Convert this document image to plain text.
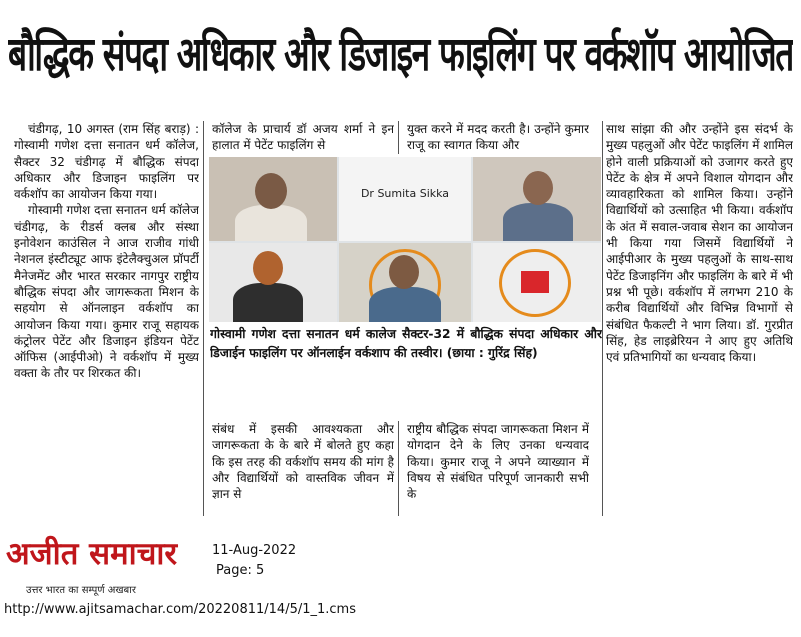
बौद्धिक संपदा अधिकार और डिजाइन फाइलिंग पर वर्कशॉप आयोजित

चंडीगढ़, 10 अगस्त (राम सिंह बराड़) : गोस्वामी गणेश दत्ता सनातन धर्म कॉलेज, सैक्टर 32 चंडीगढ़ में बौद्धिक संपदा अधिकार और डिजाइन फाइलिंग पर वर्कशॉप का आयोजन किया गया।

गोस्वामी गणेश दत्ता सनातन धर्म कॉलेज चंडीगढ़, के रीडर्स क्लब और संस्था इनोवेशन काउंसिल ने आज राजीव गांधी नेशनल इंस्टीट्यूट आफ इंटेलैक्चुअल प्रॉपर्टी मैनेजमेंट और भारत सरकार नागपुर राष्ट्रीय बौद्धिक संपदा और जागरूकता मिशन के सहयोग से ऑनलाइन वर्कशॉप का आयोजन किया गया। कुमार राजू सहायक कंट्रोलर पेटेंट और डिजाइन इंडियन पेटेंट ऑफिस (आईपीओ) ने वर्कशॉप में मुख्य वक्ता के तौर पर शिरकत की।

कॉलेज के प्राचार्य डॉ अजय शर्मा ने इन हालात में पेटेंट फाइलिंग से

युक्त करने में मदद करती है। उन्होंने कुमार राजू का स्वागत किया और

Dr Sumita Sikka
गोस्वामी गणेश दत्ता सनातन धर्म कालेज सैक्टर-32 में बौद्धिक संपदा अधिकार और डिजाईन फाइलिंग पर ऑनलाईन वर्कशाप की तस्वीर। (छाया : गुरिंद्र सिंह)

संबंध में इसकी आवश्यकता और जागरूकता के के बारे में बोलते हुए कहा कि इस तरह की वर्कशॉप समय की मांग है और विद्यार्थियों को वास्तविक जीवन में ज्ञान से

राष्ट्रीय बौद्धिक संपदा जागरूकता मिशन में योगदान देने के लिए उनका धन्यवाद किया। कुमार राजू ने अपने व्याख्यान में विषय से संबंधित परिपूर्ण जानकारी सभी के

साथ सांझा की और उन्होंने इस संदर्भ के मुख्य पहलुओं और पेटेंट फाइलिंग में शामिल होने वाली प्रक्रियाओं को उजागर करते हुए पेटेंट के क्षेत्र में अपने विशाल योगदान और व्यावहारिकता को शामिल किया। उन्होंने विद्यार्थियों को उत्साहित भी किया। वर्कशॉप के अंत में सवाल-जवाब सेशन का आयोजन भी किया गया जिसमें विद्यार्थियों ने आईपीआर के मुख्य पहलुओं के साथ-साथ पेटेंट डिजाइनिंग और फाइलिंग के बारे में भी प्रश्न भी पूछे। वर्कशॉप में लगभग 210 के करीब विद्यार्थियों और विभिन्न विभागों से संबंधित फैकल्टी ने भाग लिया। डॉ. गुरप्रीत सिंह, हेड लाइब्रेरियन ने आए हुए अतिथि एवं प्रतिभागियों का धन्यवाद किया।

अजीत समाचार
उत्तर भारत का सम्पूर्ण अखबार
11-Aug-2022
Page: 5
http://www.ajitsamachar.com/20220811/14/5/1_1.cms
